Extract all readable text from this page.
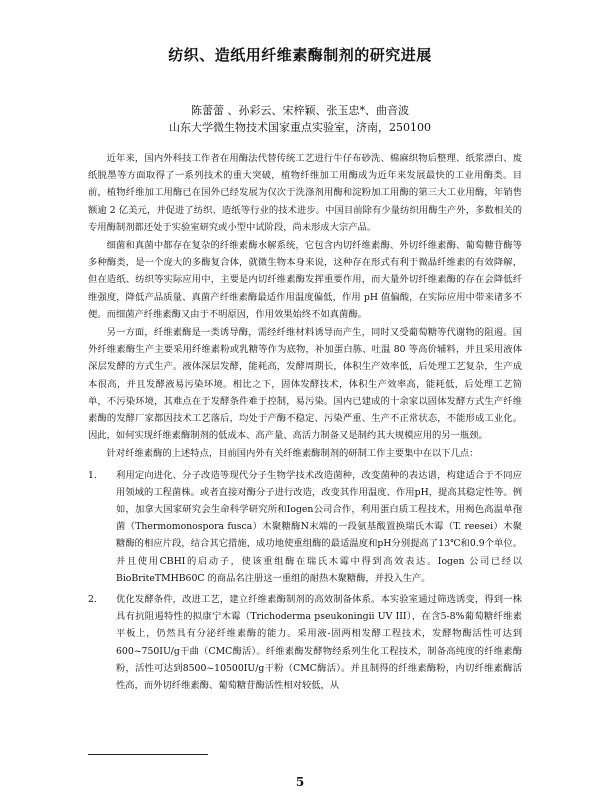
纺织、造纸用纤维素酶制剂的研究进展
陈蕾蕾 、孙彩云、宋梓颖、张玉忠*、曲音波
山东大学微生物技术国家重点实验室，济南，250100

近年来，国内外科技工作者在用酶法代替传统工艺进行牛仔布砂洗、棉麻织物后整理、纸浆漂白、废纸脱墨等方面取得了一系列技术的重大突破，植物纤维加工用酶成为近年来发展最快的工业用酶类。目前，植物纤维加工用酶已在国外已经发展为仅次于洗涤剂用酶和淀粉加工用酶的第三大工业用酶，年销售额逾 2 亿美元，并促进了纺织、造纸等行业的技术进步。中国目前除有少量纺织用酶生产外，多数相关的专用酶制剂都还处于实验室研究或小型中试阶段，尚未形成大宗产品。

细菌和真菌中都存在复杂的纤维素酶水解系统，它包含内切纤维素酶、外切纤维素酶、葡萄糖苷酶等多种酶类，是一个庞大的多酶复合体，就微生物本身来说，这种存在形式有利于微晶纤维素的有效降解，但在造纸、纺织等实际应用中，主要是内切纤维素酶发挥重要作用，而大量外切纤维素酶的存在会降低纤维强度，降低产品质量、真菌产纤维素酶最适作用温度偏低，作用 pH 值偏酸，在实际应用中带来诸多不便。而细菌产纤维素酶又由于不明原因，作用效果始终不如真菌酶。

另一方面，纤维素酶是一类诱导酶，需经纤维材料诱导而产生，同时又受葡萄糖等代谢物的阻遏。国外纤维素酶生产主要采用纤维素粉或乳糖等作为底物，补加蛋白胨、吐温 80 等高价辅料，并且采用液体深层发酵的方式生产。液体深层发酵，能耗高，发酵周期长，体积生产效率低，后处理工艺复杂，生产成本很高，并且发酵液易污染环境。相比之下，固体发酵技术，体积生产效率高，能耗低，后处理工艺简单，不污染环境，其难点在于发酵条件难于控制，易污染。国内已建成的十余家以固体发酵方式生产纤维素酶的发酵厂家都因技术工艺落后，均处于产酶不稳定、污染严重、生产不正常状态，不能形成工业化。因此，如何实现纤维素酶制剂的低成本、高产量、高活力制备又是制约其大规模应用的另一瓶颈。

针对纤维素酶的上述特点，目前国内外有关纤维素酶制剂的研制工作主要集中在以下几点：

1. 利用定向进化、分子改造等现代分子生物学技术改造菌种，改变菌种的表达谱，构建适合于不同应用领域的工程菌株。或者直接对酶分子进行改造，改变其作用温度、作用pH，提高其稳定性等。例如，加拿大国家研究会生命科学研究所和Iogen公司合作，利用蛋白质工程技术，用褐色高温单孢菌（Thermomonospora fusca）木聚糖酶N末端的一段氨基酸置换瑞氏木霉（T. reesei）木聚糖酶的相应片段，结合其它措施，成功地使重组酶的最适温度和pH分别提高了13℃和0.9个单位。并且使用CBHI的启动子，使该重组酶在瑞氏木霉中得到高效表达。Iogen 公司已经以BioBriteTMHB60C 的商品名注册这一重组的耐热木聚糖酶，并投入生产。
2. 优化发酵条件，改进工艺，建立纤维素酶制剂的高效制备体系。本实验室通过筛选诱变，得到一株具有抗阻遏特性的拟康宁木霉（Trichoderma pseukoningii UV III），在含5-8%葡萄糖纤维素平板上，仍然具有分泌纤维素酶的能力。采用液-固两相发酵工程技术，发酵物酶活性可达到600~750IU/g干曲（CMC酶活）。纤维素酶发酵物经系列生化工程技术，制备高纯度的纤维素酶粉，活性可达到8500~10500IU/g干粉（CMC酶活）。并且制得的纤维素酶粉，内切纤维素酶活性高，而外切纤维素酶、葡萄糖苷酶活性相对较低，从
5
